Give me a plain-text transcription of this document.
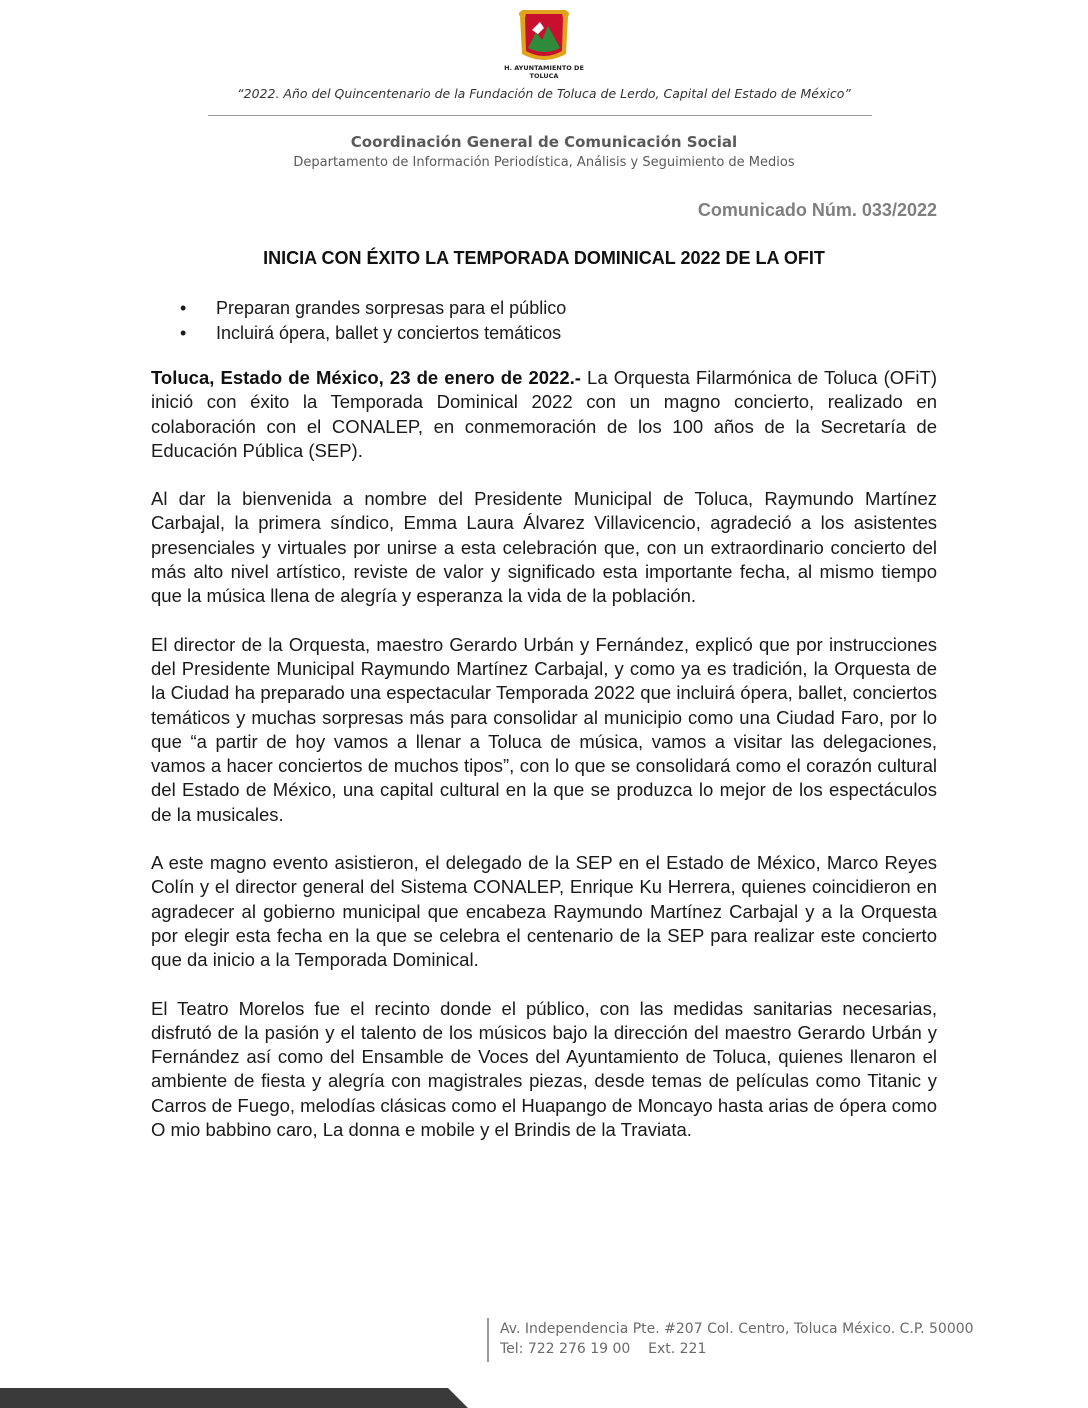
H. AYUNTAMIENTO DE TOLUCA
“2022. Año del Quincentenario de la Fundación de Toluca de Lerdo, Capital del Estado de México”
Coordinación General de Comunicación Social
Departamento de Información Periodística, Análisis y Seguimiento de Medios
Comunicado Núm. 033/2022
INICIA CON ÉXITO LA TEMPORADA DOMINICAL 2022 DE LA OFIT
• Preparan grandes sorpresas para el público
• Incluirá ópera, ballet y conciertos temáticos

Toluca, Estado de México, 23 de enero de 2022.- La Orquesta Filarmónica de Toluca (OFiT) inició con éxito la Temporada Dominical 2022 con un magno concierto, realizado en colaboración con el CONALEP, en conmemoración de los 100 años de la Secretaría de Educación Pública (SEP).

Al dar la bienvenida a nombre del Presidente Municipal de Toluca, Raymundo Martínez Carbajal, la primera síndico, Emma Laura Álvarez Villavicencio, agradeció a los asistentes presenciales y virtuales por unirse a esta celebración que, con un extraordinario concierto del más alto nivel artístico, reviste de valor y significado esta importante fecha, al mismo tiempo que la música llena de alegría y esperanza la vida de la población.

El director de la Orquesta, maestro Gerardo Urbán y Fernández, explicó que por instrucciones del Presidente Municipal Raymundo Martínez Carbajal, y como ya es tradición, la Orquesta de la Ciudad ha preparado una espectacular Temporada 2022 que incluirá ópera, ballet, conciertos temáticos y muchas sorpresas más para consolidar al municipio como una Ciudad Faro, por lo que “a partir de hoy vamos a llenar a Toluca de música, vamos a visitar las delegaciones, vamos a hacer conciertos de muchos tipos”, con lo que se consolidará como el corazón cultural del Estado de México, una capital cultural en la que se produzca lo mejor de los espectáculos de la musicales.

A este magno evento asistieron, el delegado de la SEP en el Estado de México, Marco Reyes Colín y el director general del Sistema CONALEP, Enrique Ku Herrera, quienes coincidieron en agradecer al gobierno municipal que encabeza Raymundo Martínez Carbajal y a la Orquesta por elegir esta fecha en la que se celebra el centenario de la SEP para realizar este concierto que da inicio a la Temporada Dominical.

El Teatro Morelos fue el recinto donde el público, con las medidas sanitarias necesarias, disfrutó de la pasión y el talento de los músicos bajo la dirección del maestro Gerardo Urbán y Fernández así como del Ensamble de Voces del Ayuntamiento de Toluca, quienes llenaron el ambiente de fiesta y alegría con magistrales piezas, desde temas de películas como Titanic y Carros de Fuego, melodías clásicas como el Huapango de Moncayo hasta arias de ópera como O mio babbino caro, La donna e mobile y el Brindis de la Traviata.

Av. Independencia Pte. #207 Col. Centro, Toluca México. C.P. 50000
Tel: 722 276 19 00 Ext. 221
